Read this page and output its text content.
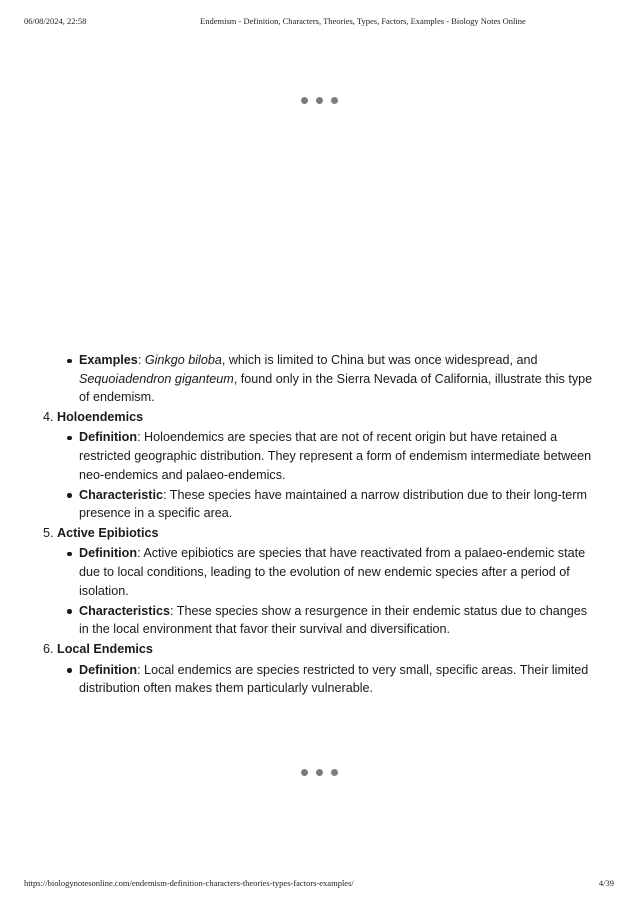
06/08/2024, 22:58	Endemism - Definition, Characters, Theories, Types, Factors, Examples - Biology Notes Online
Examples: Ginkgo biloba, which is limited to China but was once widespread, and Sequoiadendron giganteum, found only in the Sierra Nevada of California, illustrate this type of endemism.
4. Holoendemics
Definition: Holoendemics are species that are not of recent origin but have retained a restricted geographic distribution. They represent a form of endemism intermediate between neo-endemics and palaeo-endemics.
Characteristic: These species have maintained a narrow distribution due to their long-term presence in a specific area.
5. Active Epibiotics
Definition: Active epibiotics are species that have reactivated from a palaeo-endemic state due to local conditions, leading to the evolution of new endemic species after a period of isolation.
Characteristics: These species show a resurgence in their endemic status due to changes in the local environment that favor their survival and diversification.
6. Local Endemics
Definition: Local endemics are species restricted to very small, specific areas. Their limited distribution often makes them particularly vulnerable.
https://biologynotesonline.com/endemism-definition-characters-theories-types-factors-examples/	4/39
